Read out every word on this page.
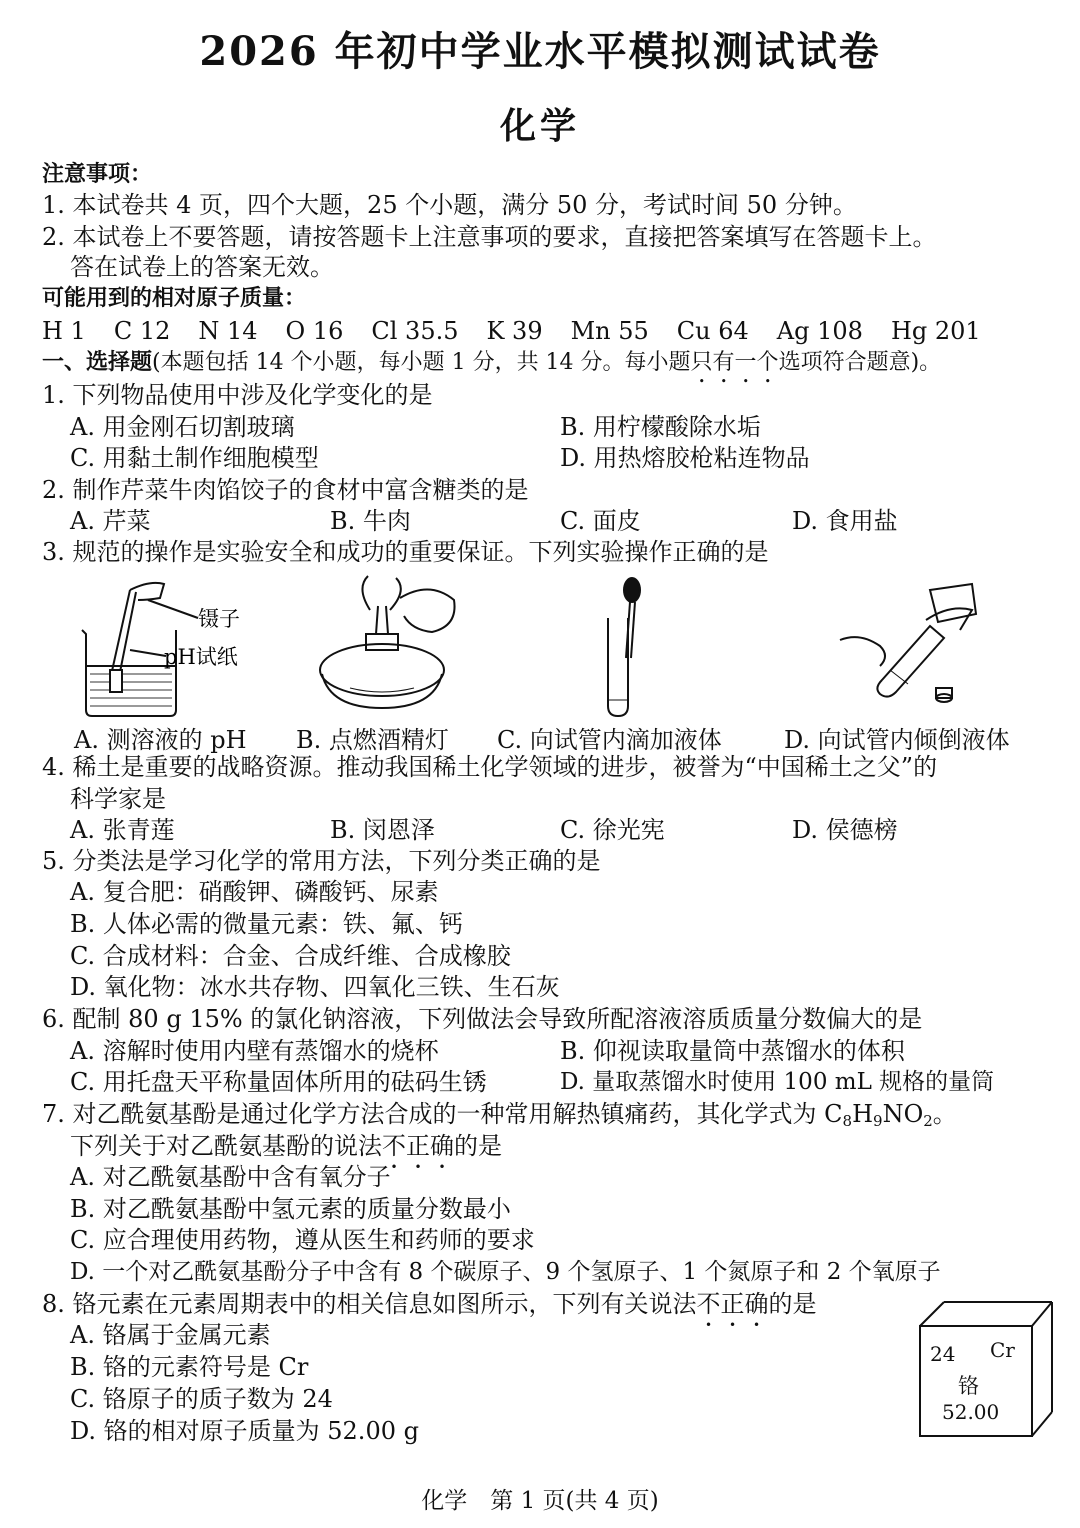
2026 年初中学业水平模拟测试试卷
化学
注意事项：
1. 本试卷共 4 页，四个大题，25 个小题，满分 50 分，考试时间 50 分钟。
2. 本试卷上不要答题，请按答题卡上注意事项的要求，直接把答案填写在答题卡上。
答在试卷上的答案无效。
可能用到的相对原子质量：
H 1 C 12 N 14 O 16 Cl 35.5 K 39 Mn 55 Cu 64 Ag 108 Hg 201
一、选择题(本题包括 14 个小题，每小题 1 分，共 14 分。每小题只有一个选项符合题意)。
1. 下列物品使用中涉及化学变化的是
A. 用金刚石切割玻璃	B. 用柠檬酸除水垢
C. 用黏土制作细胞模型	D. 用热熔胶枪粘连物品
2. 制作芹菜牛肉馅饺子的食材中富含糖类的是
A. 芹菜	B. 牛肉	C. 面皮	D. 食用盐
3. 规范的操作是实验安全和成功的重要保证。下列实验操作正确的是
镊子
pH试纸
A. 测溶液的 pH B. 点燃酒精灯 C. 向试管内滴加液体	D. 向试管内倾倒液体
4. 稀土是重要的战略资源。推动我国稀土化学领域的进步，被誉为“中国稀土之父”的
科学家是
A. 张青莲	B. 闵恩泽	C. 徐光宪	D. 侯德榜
5. 分类法是学习化学的常用方法，下列分类正确的是
A. 复合肥：硝酸钾、磷酸钙、尿素
B. 人体必需的微量元素：铁、氟、钙
C. 合成材料：合金、合成纤维、合成橡胶
D. 氧化物：冰水共存物、四氧化三铁、生石灰
6. 配制 80 g 15% 的氯化钠溶液，下列做法会导致所配溶液溶质质量分数偏大的是
A. 溶解时使用内壁有蒸馏水的烧杯	B. 仰视读取量筒中蒸馏水的体积
C. 用托盘天平称量固体所用的砝码生锈	D. 量取蒸馏水时使用 100 mL 规格的量筒
7. 对乙酰氨基酚是通过化学方法合成的一种常用解热镇痛药，其化学式为 $C_8H_9NO_2$。
下列关于对乙酰氨基酚的说法不正确的是
A. 对乙酰氨基酚中含有氧分子
B. 对乙酰氨基酚中氢元素的质量分数最小
C. 应合理使用药物，遵从医生和药师的要求
D. 一个对乙酰氨基酚分子中含有 8 个碳原子、9 个氢原子、1 个氮原子和 2 个氧原子
8. 铬元素在元素周期表中的相关信息如图所示，下列有关说法不正确的是
A. 铬属于金属元素
B. 铬的元素符号是 Cr
C. 铬原子的质子数为 24
D. 铬的相对原子质量为 52.00 g
24 Cr
铬
52.00
化学　第 1 页(共 4 页)
